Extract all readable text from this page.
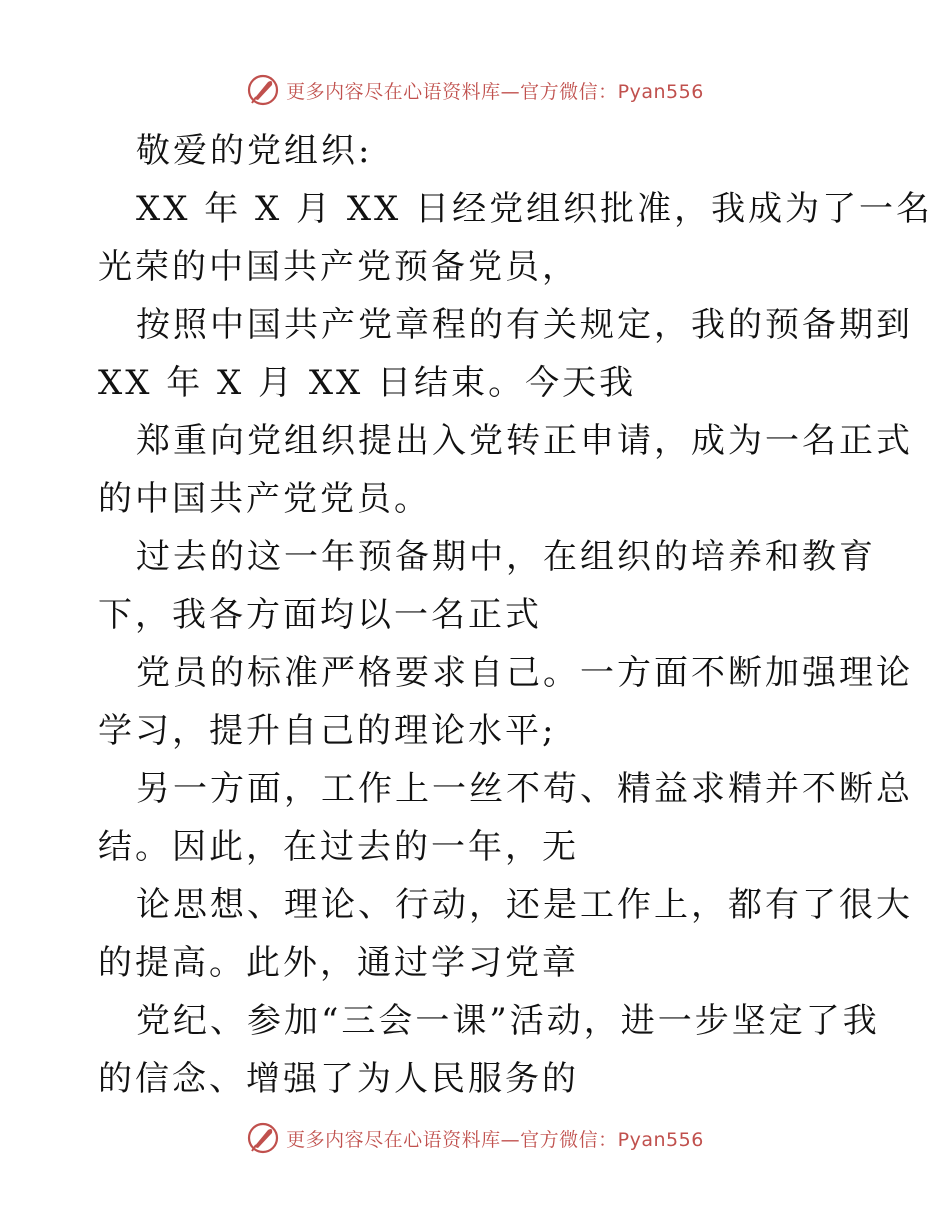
更多内容尽在心语资料库—官方微信：Pyan556
敬爱的党组织:
XX 年 X 月 XX 日经党组织批准，我成为了一名
光荣的中国共产党预备党员，
按照中国共产党章程的有关规定，我的预备期到
XX 年 X 月 XX 日结束。今天我
郑重向党组织提出入党转正申请，成为一名正式
的中国共产党党员。
过去的这一年预备期中，在组织的培养和教育
下，我各方面均以一名正式
党员的标准严格要求自己。一方面不断加强理论
学习，提升自己的理论水平;
另一方面，工作上一丝不苟、精益求精并不断总
结。因此，在过去的一年，无
论思想、理论、行动，还是工作上，都有了很大
的提高。此外，通过学习党章
党纪、参加“三会一课”活动，进一步坚定了我
的信念、增强了为人民服务的
更多内容尽在心语资料库—官方微信：Pyan556
